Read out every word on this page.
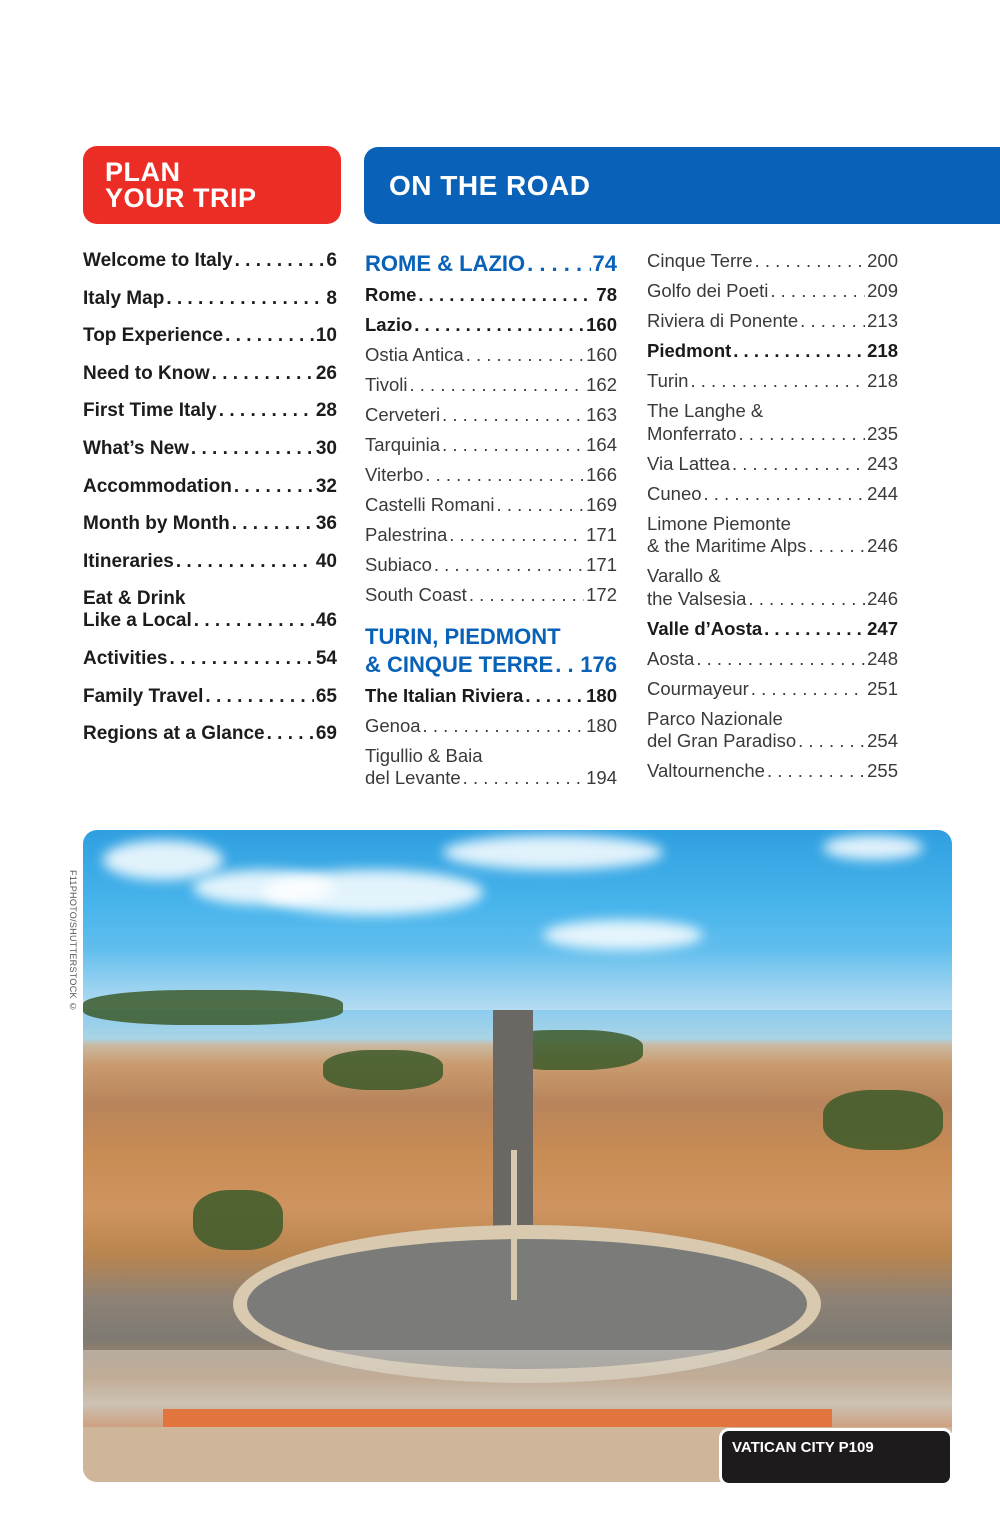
PLAN
YOUR TRIP	ON THE ROAD
Welcome to Italy . . .	6
Italy Map . . .	8
Top Experience . . .	10
Need to Know . . .	26
First Time Italy . . .	28
What’s New . . .	30
Accommodation . . .	32
Month by Month . . .	36
Itineraries . . .	40
Eat & Drink
Like a Local . . .	46
Activities . . .	54
Family Travel . . .	65
Regions at a Glance . . .	69
ROME & LAZIO . . .	74
Rome . . .	78
Lazio . . .	160
Ostia Antica . . .	160
Tivoli . . .	162
Cerveteri . . .	163
Tarquinia . . .	164
Viterbo . . .	166
Castelli Romani . . .	169
Palestrina . . .	171
Subiaco . . .	171
South Coast . . .	172
TURIN, PIEDMONT
& CINQUE TERRE . . . 176
The Italian Riviera . . .	180
Genoa . . .	180
Tigullio & Baia
del Levante . . .	194
Cinque Terre . . .	200
Golfo dei Poeti . . .	209
Riviera di Ponente . . .	213
Piedmont . . .	218
Turin . . .	218
The Langhe &
Monferrato . . .	235
Via Lattea . . .	243
Cuneo . . .	244
Limone Piemonte
& the Maritime Alps . . .	246
Varallo &
the Valsesia . . .	246
Valle d’Aosta . . .	247
Aosta . . .	248
Courmayeur . . .	251
Parco Nazionale
del Gran Paradiso . . .	254
Valtournenche . . .	255
F11PHOTO/SHUTTERSTOCK ©
VATICAN CITY P109
